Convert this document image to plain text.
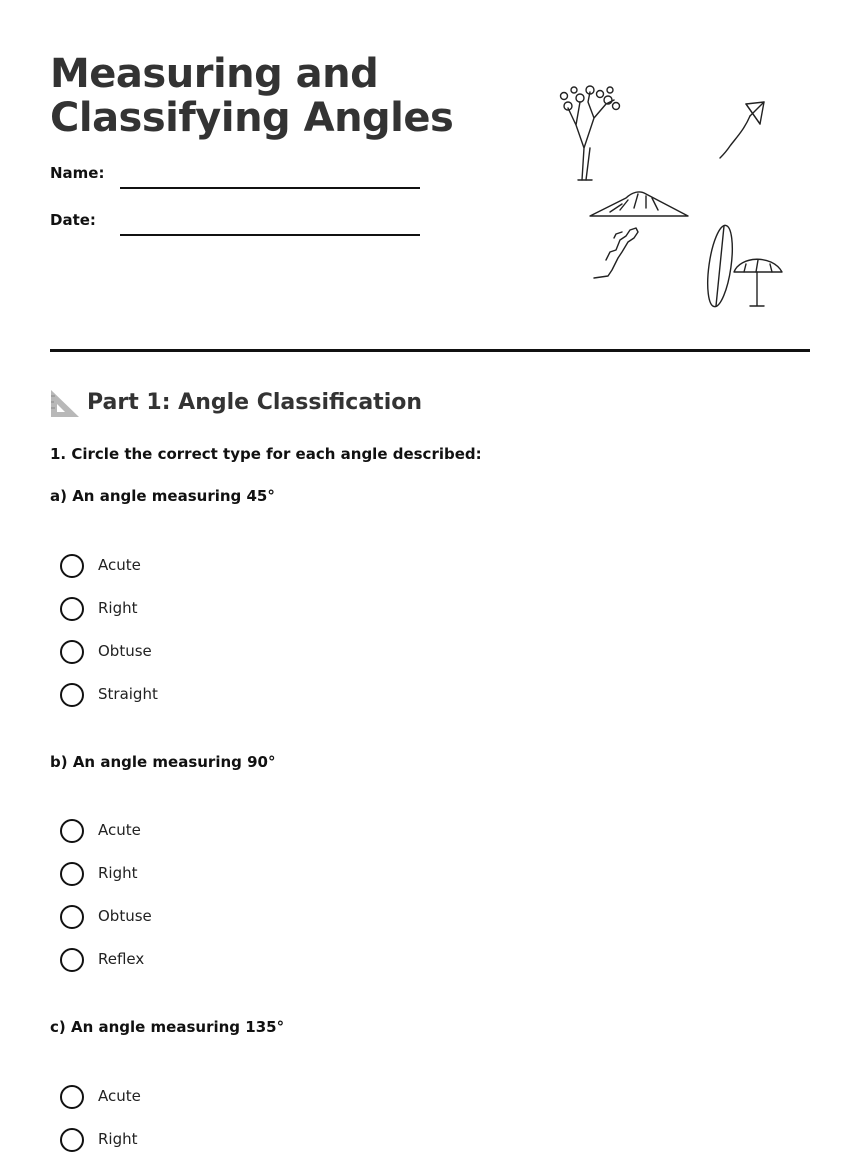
Measuring and
Classifying Angles
Name:
Date:
Part 1: Angle Classification
1. Circle the correct type for each angle described:
a) An angle measuring 45°
Acute
Right
Obtuse
Straight
b) An angle measuring 90°
Acute
Right
Obtuse
Reflex
c) An angle measuring 135°
Acute
Right
